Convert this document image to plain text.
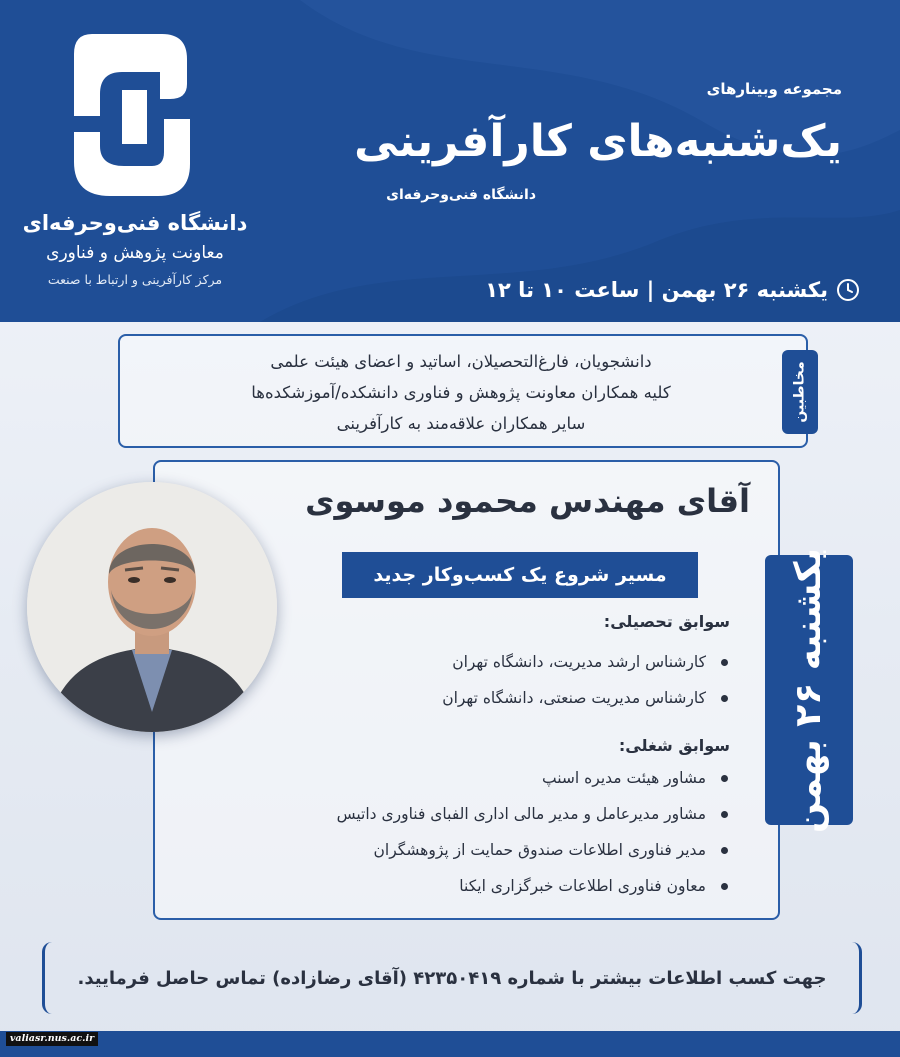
دانشگاه فنی‌وحرفه‌ای
معاونت پژوهش و فناوری
مرکز کارآفرینی و ارتباط با صنعت
مجموعه وبینارهای
یک‌شنبه‌های کارآفرینی
دانشگاه فنی‌وحرفه‌ای
یکشنبه ۲۶ بهمن | ساعت ۱۰ تا ۱۲
مخاطبین
دانشجویان، فارغ‌التحصیلان، اساتید و اعضای هیئت علمی
کلیه همکاران معاونت پژوهش و فناوری دانشکده/آموزشکده‌ها
سایر همکاران علاقه‌مند به کارآفرینی
آقای مهندس محمود موسوی
مسیر شروع یک کسب‌وکار جدید
سوابق تحصیلی:
کارشناس ارشد مدیریت، دانشگاه تهران
کارشناس مدیریت صنعتی، دانشگاه تهران
سوابق شغلی:
مشاور هیئت مدیره اسنپ
مشاور مدیرعامل و مدیر مالی اداری الفبای فناوری داتیس
مدیر فناوری اطلاعات صندوق حمایت از پژوهشگران
معاون فناوری اطلاعات خبرگزاری ایکنا
یکشنبه ۲۶ بهمن
جهت کسب اطلاعات بیشتر با شماره ۴۲۳۵۰۴۱۹ (آقای رضازاده) تماس حاصل فرمایید.
valiasr.nus.ac.ir
